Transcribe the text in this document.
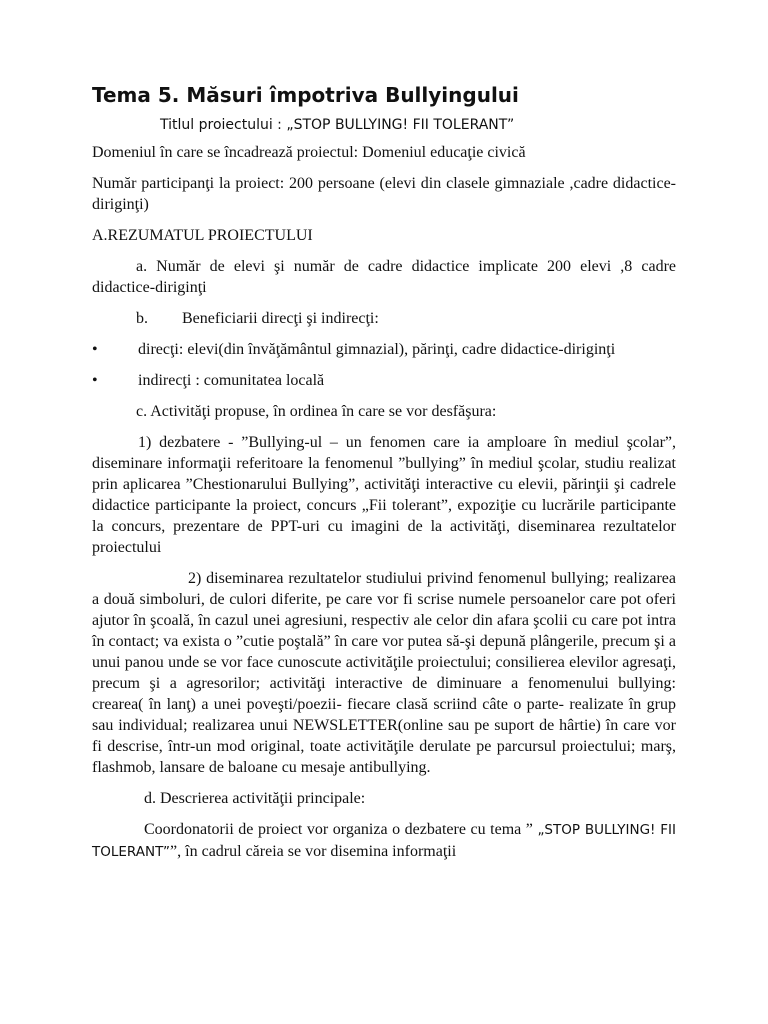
Tema 5. Măsuri împotriva Bullyingului
Titlul proiectului : „STOP BULLYING! FII TOLERANT”

Domeniul în care se încadrează proiectul: Domeniul educaţie civică

Număr participanţi la proiect: 200 persoane (elevi din clasele gimnaziale ,cadre didactice-diriginţi)

A.REZUMATUL PROIECTULUI

a. Număr de elevi şi număr de cadre didactice implicate 200 elevi ,8 cadre didactice-diriginţi

b.	Beneficiarii direcţi şi indirecţi:
•	direcţi: elevi(din învăţământul gimnazial), părinţi, cadre didactice-diriginţi
•	indirecţi : comunitatea locală

c. Activităţi propuse, în ordinea în care se vor desfăşura:

1) dezbatere - ”Bullying-ul – un fenomen care ia amploare în mediul şcolar”, diseminare informaţii referitoare la fenomenul ”bullying” în mediul şcolar, studiu realizat prin aplicarea ”Chestionarului Bullying”, activităţi interactive cu elevii, părinţii şi cadrele didactice participante la proiect, concurs „Fii tolerant”, expoziţie cu lucrările participante la concurs, prezentare de PPT-uri cu imagini de la activităţi, diseminarea rezultatelor proiectului

2) diseminarea rezultatelor studiului privind fenomenul bullying; realizarea a două simboluri, de culori diferite, pe care vor fi scrise numele persoanelor care pot oferi ajutor în şcoală, în cazul unei agresiuni, respectiv ale celor din afara şcolii cu care pot intra în contact; va exista o ”cutie poştală” în care vor putea să-şi depună plângerile, precum şi a unui panou unde se vor face cunoscute activităţile proiectului; consilierea elevilor agresaţi, precum şi a agresorilor; activităţi interactive de diminuare a fenomenului bullying: crearea( în lanţ) a unei poveşti/poezii- fiecare clasă scriind câte o parte- realizate în grup sau individual; realizarea unui NEWSLETTER(online sau pe suport de hârtie) în care vor fi descrise, într-un mod original, toate activităţile derulate pe parcursul proiectului; marş, flashmob, lansare de baloane cu mesaje antibullying.

d. Descrierea activităţii principale:

Coordonatorii de proiect vor organiza o dezbatere cu tema ” „STOP BULLYING! FII TOLERANT””, în cadrul căreia se vor disemina informaţii
